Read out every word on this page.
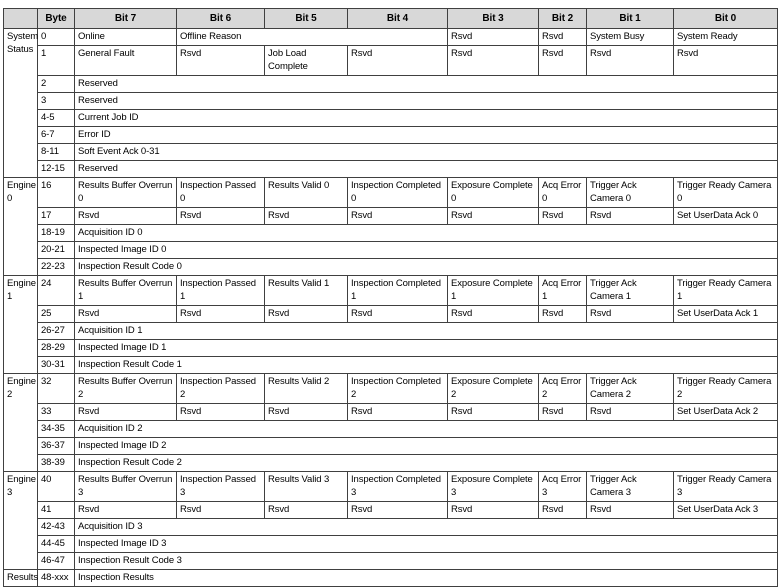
	Byte	Bit 7	Bit 6	Bit 5	Bit 4	Bit 3	Bit 2	Bit 1	Bit 0
System Status	0	Online	Offline Reason			Rsvd	Rsvd	System Busy	System Ready
	1	General Fault	Rsvd	Job Load Complete	Rsvd	Rsvd	Rsvd	Rsvd	Rsvd
	2	Reserved							
	3	Reserved							
	4-5	Current Job ID							
	6-7	Error ID							
	8-11	Soft Event Ack 0-31							
	12-15	Reserved							
Engine 0	16	Results Buffer Overrun 0	Inspection Passed 0	Results Valid 0	Inspection Completed 0	Exposure Complete 0	Acq Error 0	Trigger Ack Camera 0	Trigger Ready Camera 0
	17	Rsvd	Rsvd	Rsvd	Rsvd	Rsvd	Rsvd	Rsvd	Set UserData Ack 0
	18-19	Acquisition ID 0							
	20-21	Inspected Image ID 0							
	22-23	Inspection Result Code 0							
Engine 1	24	Results Buffer Overrun 1	Inspection Passed 1	Results Valid 1	Inspection Completed 1	Exposure Complete 1	Acq Error 1	Trigger Ack Camera 1	Trigger Ready Camera 1
	25	Rsvd	Rsvd	Rsvd	Rsvd	Rsvd	Rsvd	Rsvd	Set UserData Ack 1
	26-27	Acquisition ID 1							
	28-29	Inspected Image ID 1							
	30-31	Inspection Result Code 1							
Engine 2	32	Results Buffer Overrun 2	Inspection Passed 2	Results Valid 2	Inspection Completed 2	Exposure Complete 2	Acq Error 2	Trigger Ack Camera 2	Trigger Ready Camera 2
	33	Rsvd	Rsvd	Rsvd	Rsvd	Rsvd	Rsvd	Rsvd	Set UserData Ack 2
	34-35	Acquisition ID 2							
	36-37	Inspected Image ID 2							
	38-39	Inspection Result Code 2							
Engine 3	40	Results Buffer Overrun 3	Inspection Passed 3	Results Valid 3	Inspection Completed 3	Exposure Complete 3	Acq Error 3	Trigger Ack Camera 3	Trigger Ready Camera 3
	41	Rsvd	Rsvd	Rsvd	Rsvd	Rsvd	Rsvd	Rsvd	Set UserData Ack 3
	42-43	Acquisition ID 3							
	44-45	Inspected Image ID 3							
	46-47	Inspection Result Code 3							
Results	48-xxx	Inspection Results							
